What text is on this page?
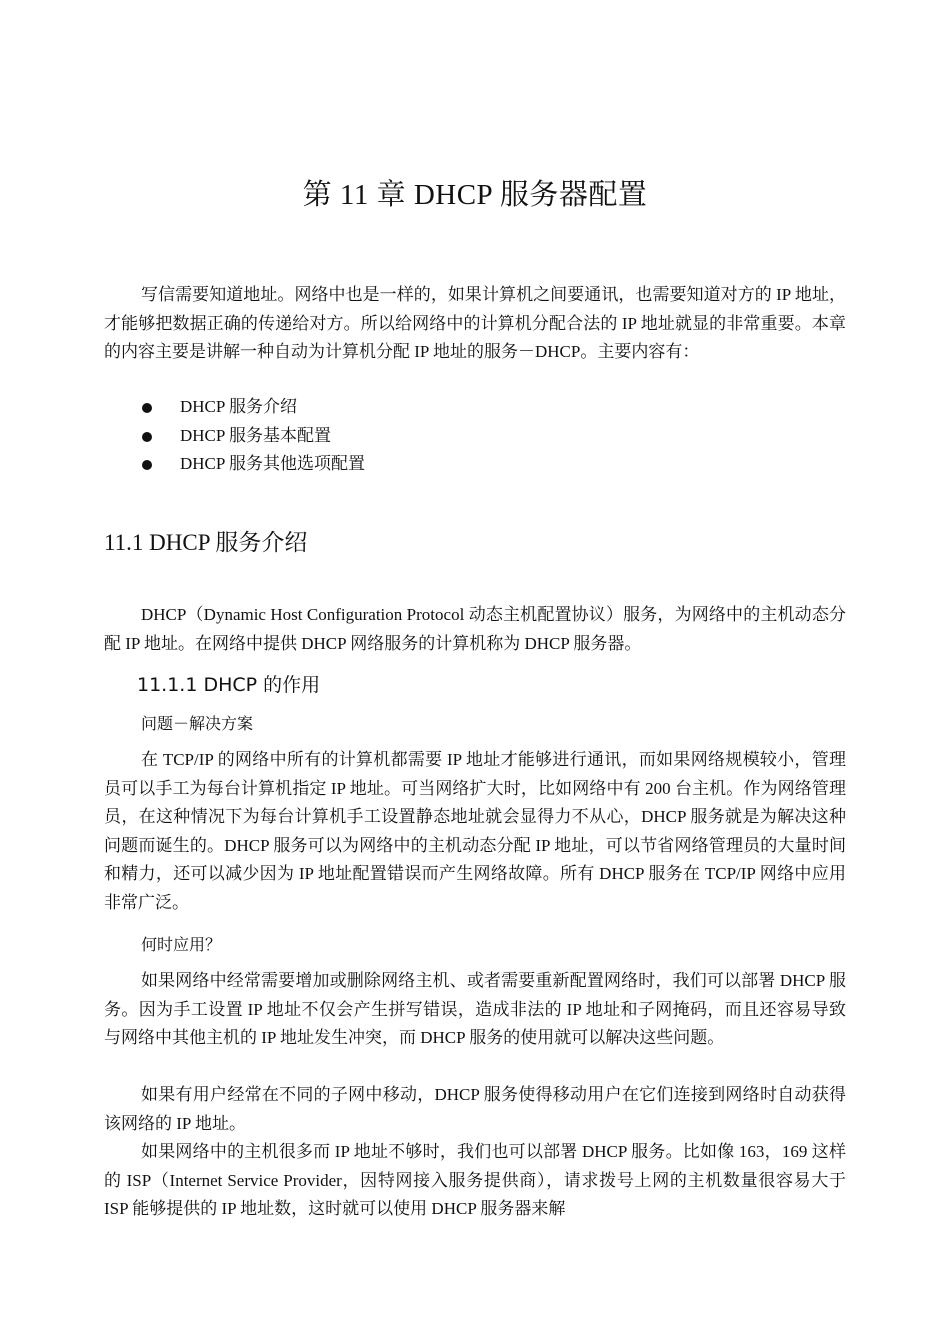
第 11 章 DHCP 服务器配置

写信需要知道地址。网络中也是一样的，如果计算机之间要通讯，也需要知道对方的 IP 地址，才能够把数据正确的传递给对方。所以给网络中的计算机分配合法的 IP 地址就显的非常重要。本章的内容主要是讲解一种自动为计算机分配 IP 地址的服务－DHCP。主要内容有：

DHCP 服务介绍
DHCP 服务基本配置
DHCP 服务其他选项配置
11.1 DHCP 服务介绍

DHCP（Dynamic Host Configuration Protocol 动态主机配置协议）服务，为网络中的主机动态分配 IP 地址。在网络中提供 DHCP 网络服务的计算机称为 DHCP 服务器。

11.1.1 DHCP 的作用
问题－解决方案

在 TCP/IP 的网络中所有的计算机都需要 IP 地址才能够进行通讯，而如果网络规模较小，管理员可以手工为每台计算机指定 IP 地址。可当网络扩大时，比如网络中有 200 台主机。作为网络管理员，在这种情况下为每台计算机手工设置静态地址就会显得力不从心，DHCP 服务就是为解决这种问题而诞生的。DHCP 服务可以为网络中的主机动态分配 IP 地址，可以节省网络管理员的大量时间和精力，还可以减少因为 IP 地址配置错误而产生网络故障。所有 DHCP 服务在 TCP/IP 网络中应用非常广泛。

何时应用？

如果网络中经常需要增加或删除网络主机、或者需要重新配置网络时，我们可以部署 DHCP 服务。因为手工设置 IP 地址不仅会产生拼写错误，造成非法的 IP 地址和子网掩码，而且还容易导致与网络中其他主机的 IP 地址发生冲突，而 DHCP 服务的使用就可以解决这些问题。

如果有用户经常在不同的子网中移动，DHCP 服务使得移动用户在它们连接到网络时自动获得该网络的 IP 地址。

如果网络中的主机很多而 IP 地址不够时，我们也可以部署 DHCP 服务。比如像 163，169 这样的 ISP（Internet Service Provider，因特网接入服务提供商），请求拨号上网的主机数量很容易大于 ISP 能够提供的 IP 地址数，这时就可以使用 DHCP 服务器来解
